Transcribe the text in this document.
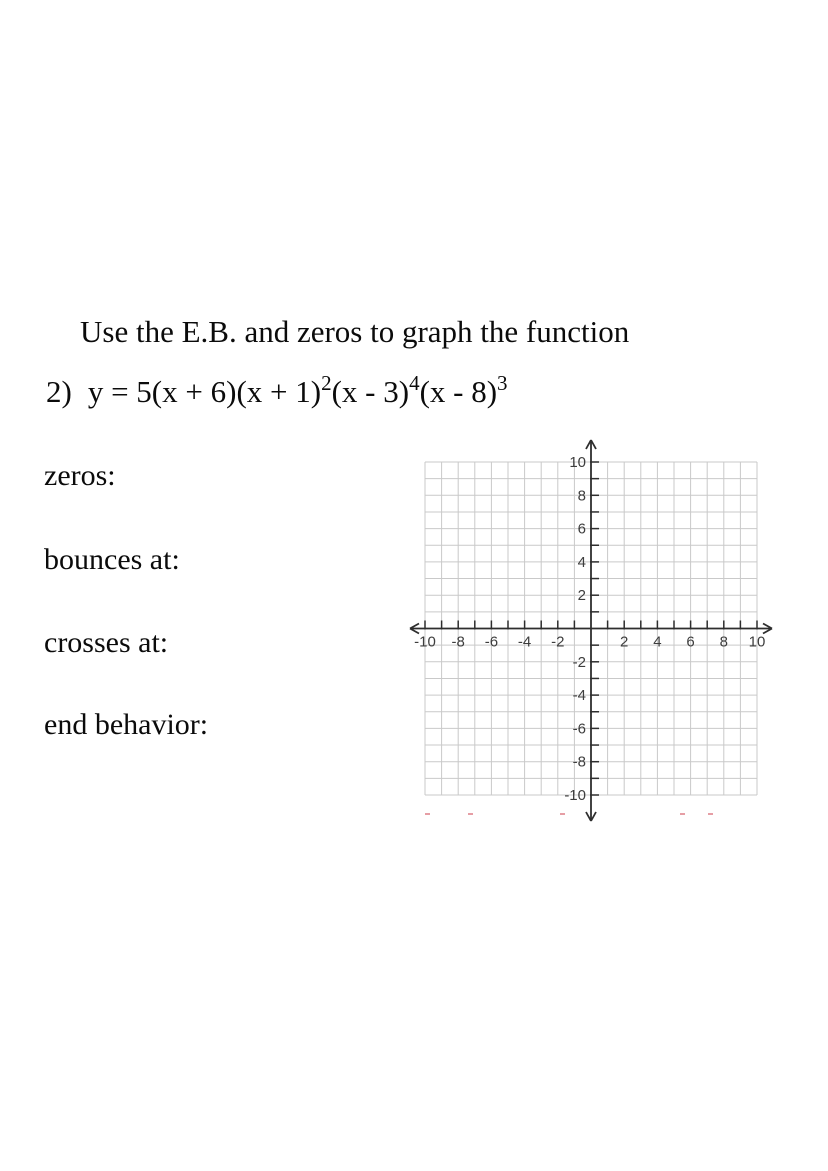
Use the E.B. and zeros to graph the function
2) $y = 5(x + 6)(x + 1)^2(x - 3)^4(x - 8)^3$
zeros:
bounces at:
crosses at:
end behavior:
-10 -8 -6 -4 -2	2 4 6 8 10
10
8
6
4
2
-2
-4
-6
-8
-10
